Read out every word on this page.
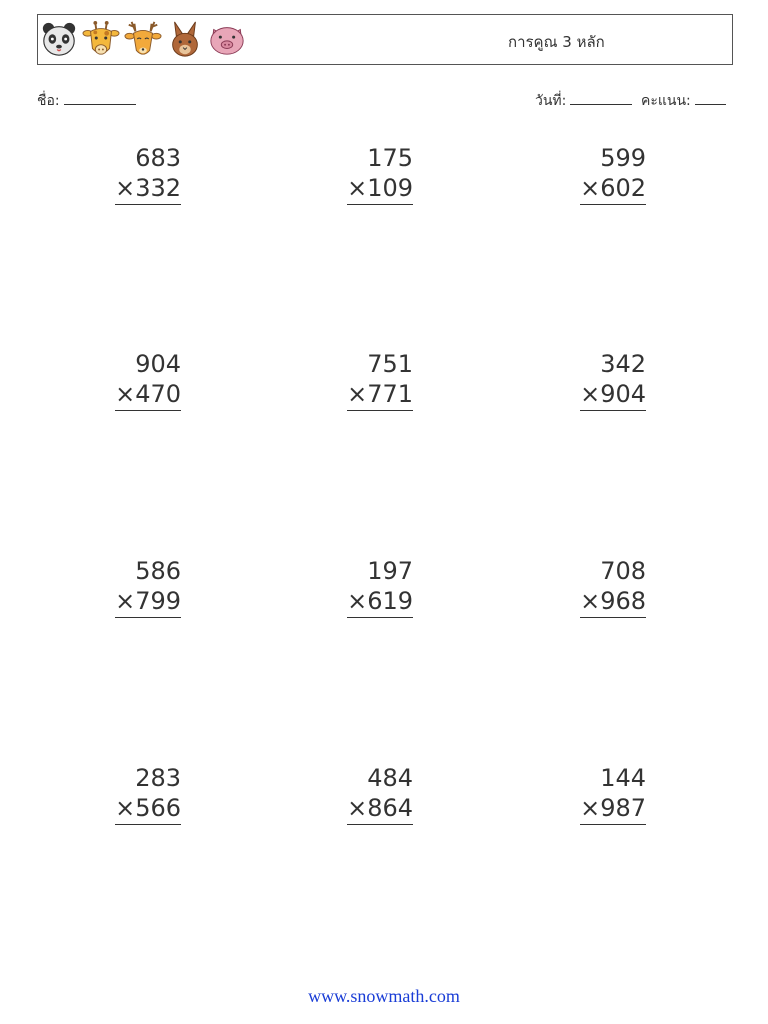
การคูณ 3 หลัก
ชื่อ:	วันที่:	คะแนน:
683
×332
175
×109
599
×602
904
×470
751
×771
342
×904
586
×799
197
×619
708
×968
283
×566
484
×864
144
×987
www.snowmath.com
